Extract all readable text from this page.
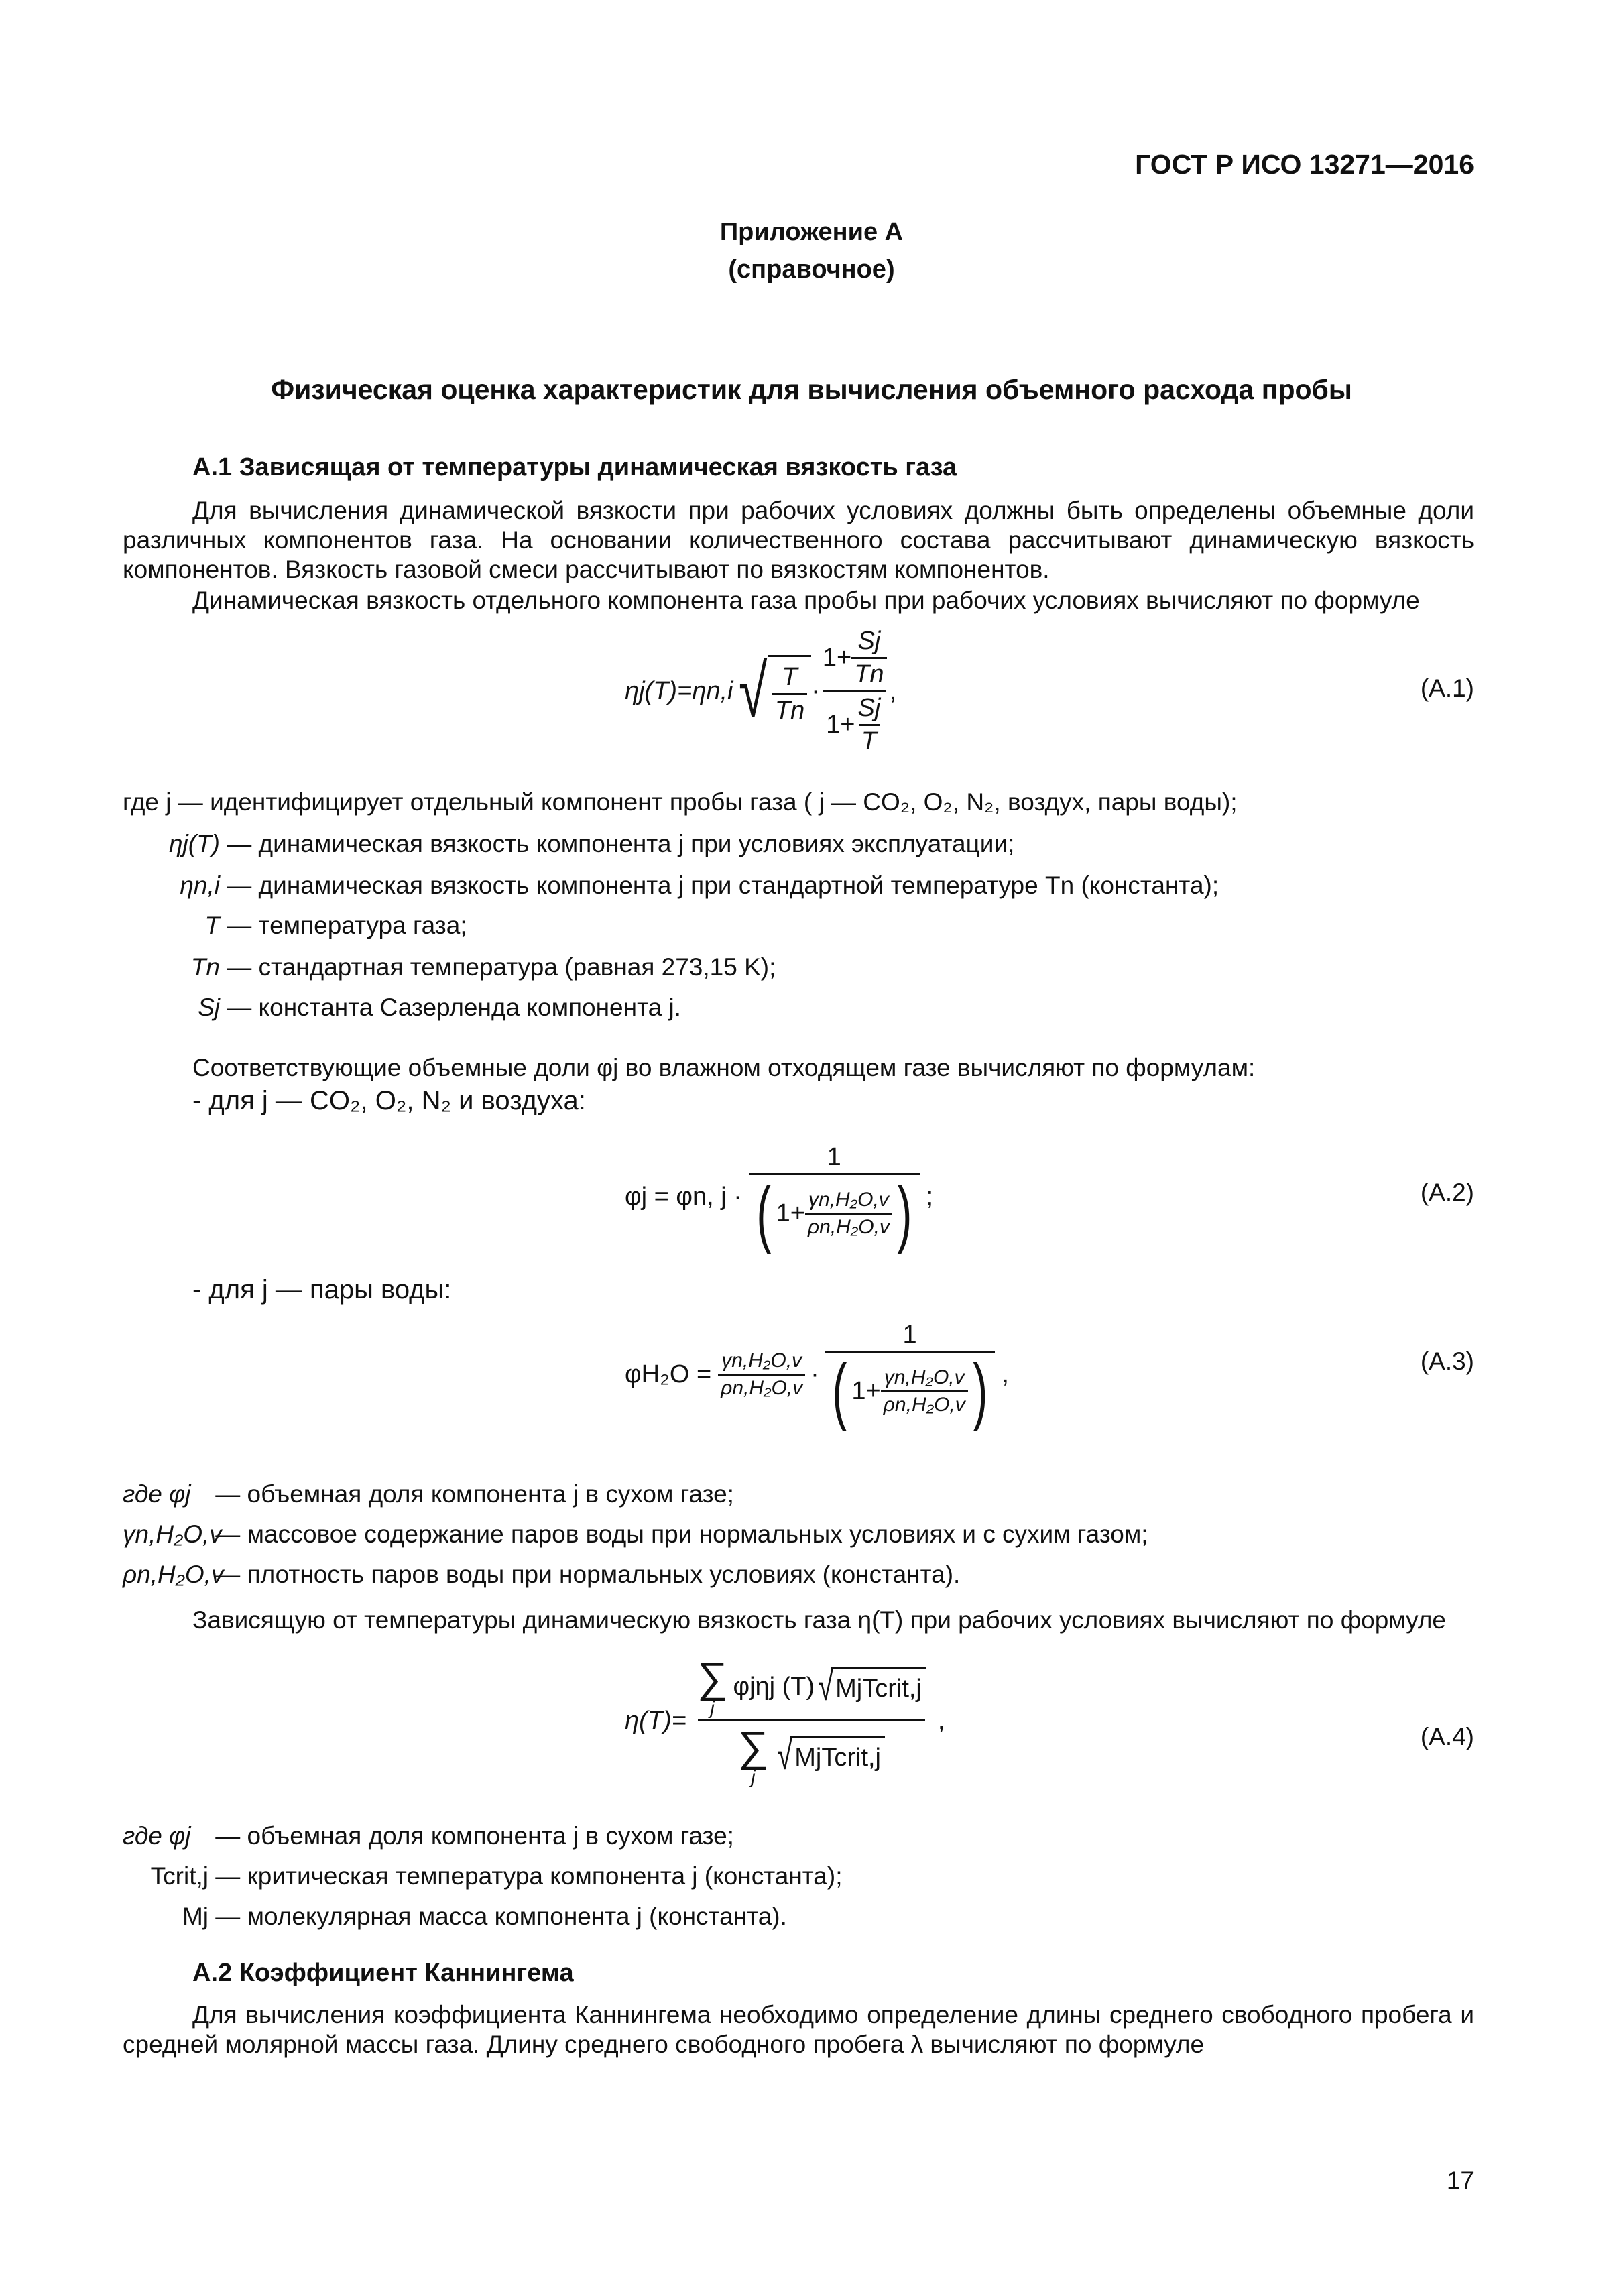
ГОСТ Р ИСО 13271—2016
Приложение А
(справочное)
Физическая оценка характеристик для вычисления объемного расхода пробы
А.1 Зависящая от температуры динамическая вязкость газа
Для вычисления динамической вязкости при рабочих условиях должны быть определены объемные доли различных компонентов газа. На основании количественного состава рассчитывают динамическую вязкость компонентов. Вязкость газовой смеси рассчитывают по вязкостям компонентов.
Динамическая вязкость отдельного компонента газа пробы при рабочих условиях вычисляют по формуле
ηj(T)=ηn,i √ $\frac{T}{Tn} \cdot \frac{1+ \frac{Sj}{Tn}}{1+ \frac{Sj}{T}}$ ,	(А.1)
где j — идентифицирует отдельный компонент пробы газа ( j — CO₂, O₂, N₂, воздух, пары воды);
ηj(T) — динамическая вязкость компонента j при условиях эксплуатации;
ηn,i — динамическая вязкость компонента j при стандартной температуре Tn (константа);
T — температура газа;
Tn — стандартная температура (равная 273,15 K);
Sj — константа Сазерленда компонента j.
Соответствующие объемные доли φj во влажном отходящем газе вычисляют по формулам:
- для j — CO₂, O₂, N₂ и воздуха:
φj = φn, j ·
1
( $1+ \frac{\text{γn,H₂O,v}}{\text{ρn,H₂O,v}}$ ) ;	(А.2)
- для j — пары воды:
$\varphi H_2O = \frac{\text{γn,H₂O,v}}{\text{ρn,H₂O,v}}$ ·
1
( $1+ \frac{\text{γn,H₂O,v}}{\text{ρn,H₂O,v}}$ ) ,	(А.3)
где φj — объемная доля компонента j в сухом газе;
γn,H₂O,v — массовое содержание паров воды при нормальных условиях и с сухим газом;
ρn,H₂O,v — плотность паров воды при нормальных условиях (константа).
Зависящую от температуры динамическую вязкость газа η(T) при рабочих условиях вычисляют по формуле
η(T)= ∑
j
φjηj (T) √ MjTcrit,j
∑
j √ MjTcrit,j ,
(А.4)
где φj — объемная доля компонента j в сухом газе;
Tcrit,j — критическая температура компонента j (константа);
Mj — молекулярная масса компонента j (константа).
А.2 Коэффициент Каннингема
Для вычисления коэффициента Каннингема необходимо определение длины среднего свободного пробега и средней молярной массы газа. Длину среднего свободного пробега λ вычисляют по формуле
17
